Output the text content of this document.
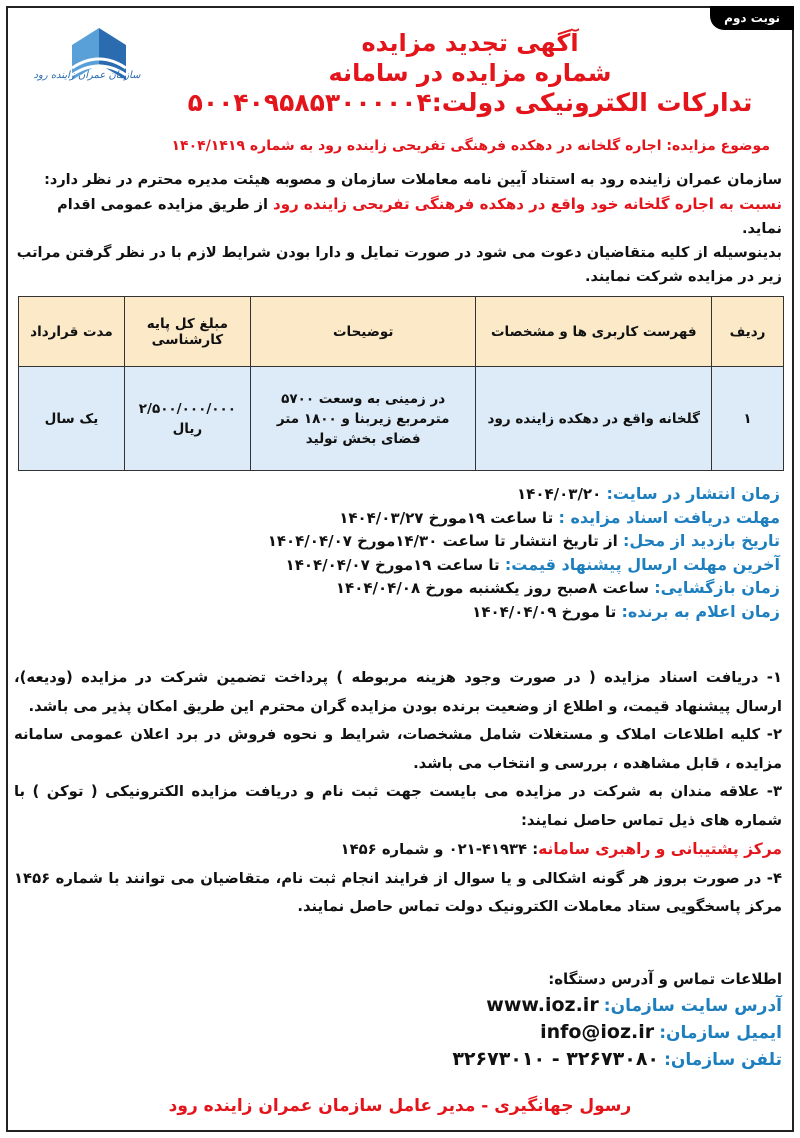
نوبت دوم
سازمان عمران زاینده رود
آگهی تجدید مزایده
شماره مزایده در سامانه
تدارکات الکترونیکی دولت:۵۰۰۴۰۹۵۸۵۳۰۰۰۰۰۴
موضوع مزایده: اجاره گلخانه در دهکده فرهنگی تفریحی زاینده رود به شماره ۱۴۰۴/۱۴۱۹
سازمان عمران زاینده رود به استناد آیین نامه معاملات سازمان و مصوبه هیئت مدیره محترم در نظر دارد:
نسبت به اجاره گلخانه خود واقع در دهکده فرهنگی تفریحی زاینده رود از طریق مزایده عمومی اقدام نماید.
بدینوسیله از کلیه متقاضیان دعوت می شود در صورت تمایل و دارا بودن شرایط لازم با در نظر گرفتن مراتب زیر در مزایده شرکت نمایند.
ردیف	فهرست کاربری ها و مشخصات	توضیحات	مبلغ کل پایه کارشناسی	مدت قرارداد
۱	گلخانه واقع در دهکده زاینده رود	در زمینی به وسعت ۵۷۰۰ مترمربع زیربنا و ۱۸۰۰ متر فضای بخش تولید	۲/۵۰۰/۰۰۰/۰۰۰ ریال	یک سال
زمان انتشار در سایت: ۱۴۰۴/۰۳/۲۰
مهلت دریافت اسناد مزایده : تا ساعت ۱۹مورخ ۱۴۰۴/۰۳/۲۷
تاریخ بازدید از محل: از تاریخ انتشار تا ساعت ۱۴/۳۰مورخ ۱۴۰۴/۰۴/۰۷
آخرین مهلت ارسال پیشنهاد قیمت: تا ساعت ۱۹مورخ ۱۴۰۴/۰۴/۰۷
زمان بازگشایی: ساعت ۸صبح روز یکشنبه مورخ ۱۴۰۴/۰۴/۰۸
زمان اعلام به برنده: تا مورخ ۱۴۰۴/۰۴/۰۹
۱- دریافت اسناد مزایده ( در صورت وجود هزینه مربوطه ) پرداخت تضمین شرکت در مزایده (ودیعه)، ارسال پیشنهاد قیمت، و اطلاع از وضعیت برنده بودن مزایده گران محترم این طریق امکان پذیر می باشد.
۲- کلیه اطلاعات املاک و مستغلات شامل مشخصات، شرایط و نحوه فروش در برد اعلان عمومی سامانه مزایده ، قابل مشاهده ، بررسی و انتخاب می باشد.
۳- علاقه مندان به شرکت در مزایده می بایست جهت ثبت نام و دریافت مزایده الکترونیکی ( توکن ) با شماره های ذیل تماس حاصل نمایند:
مرکز پشتیبانی و راهبری سامانه: ۴۱۹۳۴-۰۲۱ و شماره ۱۴۵۶
۴- در صورت بروز هر گونه اشکالی و یا سوال از فرایند انجام ثبت نام، متقاضیان می توانند با شماره ۱۴۵۶ مرکز پاسخگویی ستاد معاملات الکترونیک دولت تماس حاصل نمایند.
اطلاعات تماس و آدرس دستگاه:
آدرس سایت سازمان: www.ioz.ir
ایمیل سازمان: info@ioz.ir
تلفن سازمان: ۳۲۶۷۳۰۸۰ - ۳۲۶۷۳۰۱۰
رسول جهانگیری - مدیر عامل سازمان عمران زاینده رود
